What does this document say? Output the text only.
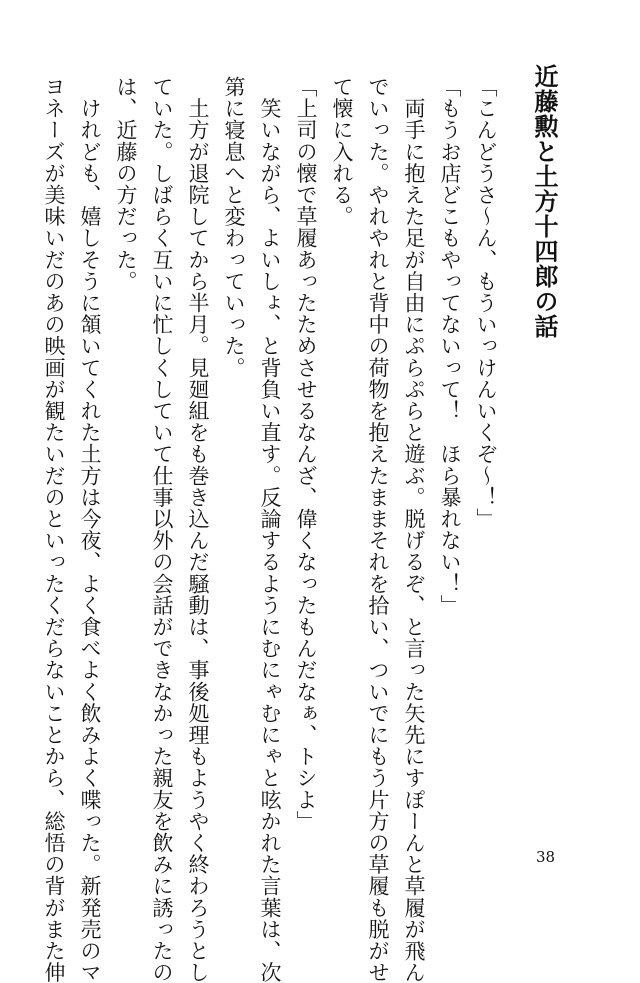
近藤勲と土方十四郎の話

「こんどうさ〜ん、もういっけんいくぞ〜！」

「もうお店どこもやってないって！　ほら暴れない！」

　両手に抱えた足が自由にぷらぷらと遊ぶ。脱げるぞ、と言った矢先にすぽーんと草履が飛ん

でいった。やれやれと背中の荷物を抱えたままそれを拾い、ついでにもう片方の草履も脱がせ

て懐に入れる。

「上司の懐で草履あったためさせるなんざ、偉くなったもんだなぁ、トシよ」

　笑いながら、よいしょ、と背負い直す。反論するようにむにゃむにゃと呟かれた言葉は、次

第に寝息へと変わっていった。

　土方が退院してから半月。見廻組をも巻き込んだ騒動は、事後処理もようやく終わろうとし

ていた。しばらく互いに忙しくしていて仕事以外の会話ができなかった親友を飲みに誘ったの

は、近藤の方だった。

　けれども、嬉しそうに頷いてくれた土方は今夜、よく食べよく飲みよく喋った。新発売のマ

ヨネーズが美味いだのあの映画が観たいだのといったくだらないことから、総悟の背がまた伸	38
